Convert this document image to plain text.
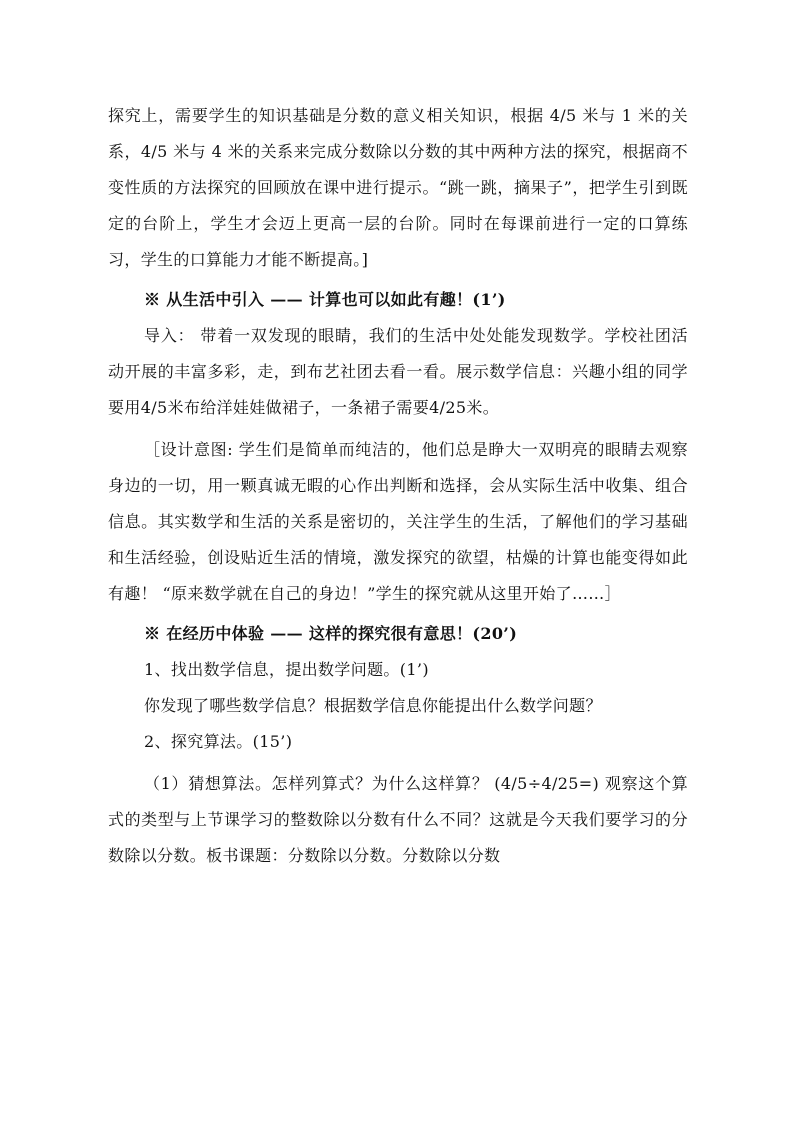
探究上，需要学生的知识基础是分数的意义相关知识，根据 4/5 米与 1 米的关系，4/5 米与 4 米的关系来完成分数除以分数的其中两种方法的探究，根据商不变性质的方法探究的回顾放在课中进行提示。“跳一跳，摘果子”，把学生引到既定的台阶上，学生才会迈上更高一层的台阶。同时在每课前进行一定的口算练习，学生的口算能力才能不断提高。]

※ 从生活中引入 —— 计算也可以如此有趣！(1’)

导入： 带着一双发现的眼睛，我们的生活中处处能发现数学。学校社团活动开展的丰富多彩，走，到布艺社团去看一看。展示数学信息：兴趣小组的同学要用4/5米布给洋娃娃做裙子，一条裙子需要4/25米。

［设计意图: 学生们是简单而纯洁的，他们总是睁大一双明亮的眼睛去观察身边的一切，用一颗真诚无暇的心作出判断和选择，会从实际生活中收集、组合信息。其实数学和生活的关系是密切的，关注学生的生活，了解他们的学习基础和生活经验，创设贴近生活的情境，激发探究的欲望，枯燥的计算也能变得如此有趣！ “原来数学就在自己的身边！”学生的探究就从这里开始了……］

※ 在经历中体验 —— 这样的探究很有意思！(20’)

1、找出数学信息，提出数学问题。(1’)

你发现了哪些数学信息？根据数学信息你能提出什么数学问题？

2、探究算法。(15’)

（1）猜想算法。怎样列算式？为什么这样算？ (4/5÷4/25=) 观察这个算式的类型与上节课学习的整数除以分数有什么不同？这就是今天我们要学习的分数除以分数。板书课题：分数除以分数。分数除以分数
